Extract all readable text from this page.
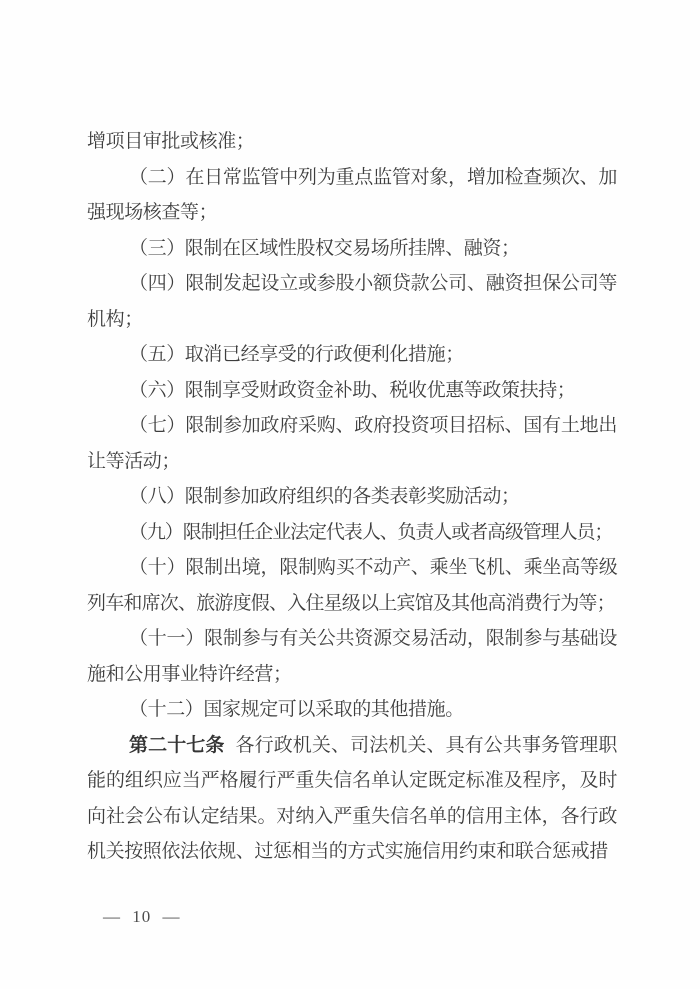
增项目审批或核准；

（二）在日常监管中列为重点监管对象，增加检查频次、加强现场核查等；

（三）限制在区域性股权交易场所挂牌、融资；

（四）限制发起设立或参股小额贷款公司、融资担保公司等机构；

（五）取消已经享受的行政便利化措施；

（六）限制享受财政资金补助、税收优惠等政策扶持；

（七）限制参加政府采购、政府投资项目招标、国有土地出让等活动；

（八）限制参加政府组织的各类表彰奖励活动；

（九）限制担任企业法定代表人、负责人或者高级管理人员；

（十）限制出境，限制购买不动产、乘坐飞机、乘坐高等级列车和席次、旅游度假、入住星级以上宾馆及其他高消费行为等；

（十一）限制参与有关公共资源交易活动，限制参与基础设施和公用事业特许经营；

（十二）国家规定可以采取的其他措施。

第二十七条 各行政机关、司法机关、具有公共事务管理职能的组织应当严格履行严重失信名单认定既定标准及程序，及时向社会公布认定结果。对纳入严重失信名单的信用主体，各行政机关按照依法依规、过惩相当的方式实施信用约束和联合惩戒措

— 10 —
